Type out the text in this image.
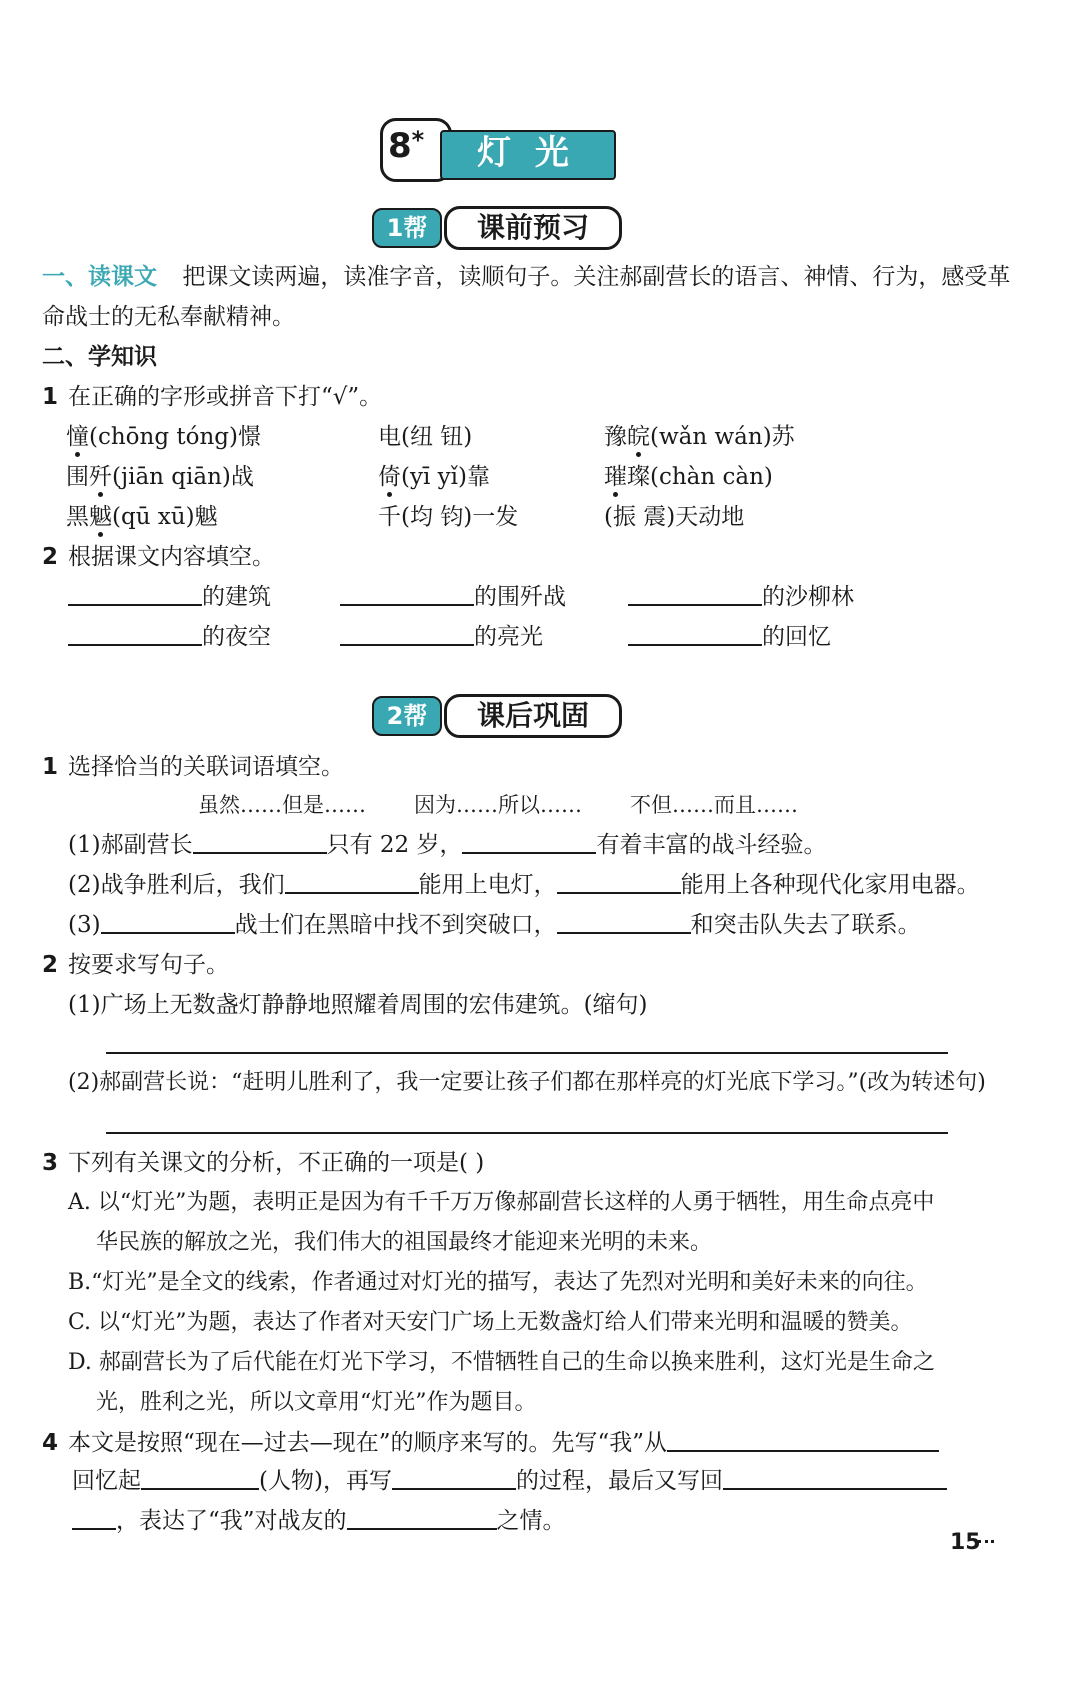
8*	灯 光
1帮	课前预习
一、读课文 把课文读两遍，读准字音，读顺句子。关注郝副营长的语言、神情、行为，感受革
命战士的无私奉献精神。
二、学知识
1 在正确的字形或拼音下打“√”。
憧(chōng tóng)憬	电(纽 钮)	豫皖(wǎn wán)苏
围歼(jiān qiān)战	倚(yī yǐ)靠	璀璨(chàn càn)
黑魆(qū xū)魆	千(均 钧)一发	(振 震)天动地
2 根据课文内容填空。
的建筑	的围歼战	的沙柳林
的夜空	的亮光	的回忆
2帮	课后巩固
1 选择恰当的关联词语填空。
虽然……但是…… 因为……所以…… 不但……而且……
(1)郝副营长	只有 22 岁，	有着丰富的战斗经验。
(2)战争胜利后，我们	能用上电灯，	能用上各种现代化家用电器。
(3)	战士们在黑暗中找不到突破口，	和突击队失去了联系。
2 按要求写句子。
(1)广场上无数盏灯静静地照耀着周围的宏伟建筑。(缩句)
(2)郝副营长说：“赶明儿胜利了，我一定要让孩子们都在那样亮的灯光底下学习。”(改为转述句)
3 下列有关课文的分析，不正确的一项是( )
A. 以“灯光”为题，表明正是因为有千千万万像郝副营长这样的人勇于牺牲，用生命点亮中
华民族的解放之光，我们伟大的祖国最终才能迎来光明的未来。
B.“灯光”是全文的线索，作者通过对灯光的描写，表达了先烈对光明和美好未来的向往。
C. 以“灯光”为题，表达了作者对天安门广场上无数盏灯给人们带来光明和温暖的赞美。
D. 郝副营长为了后代能在灯光下学习，不惜牺牲自己的生命以换来胜利，这灯光是生命之
光，胜利之光，所以文章用“灯光”作为题目。
4 本文是按照“现在—过去—现在”的顺序来写的。先写“我”从
回忆起	(人物)，再写	的过程，最后又写回
，表达了“我”对战友的	之情。
15
